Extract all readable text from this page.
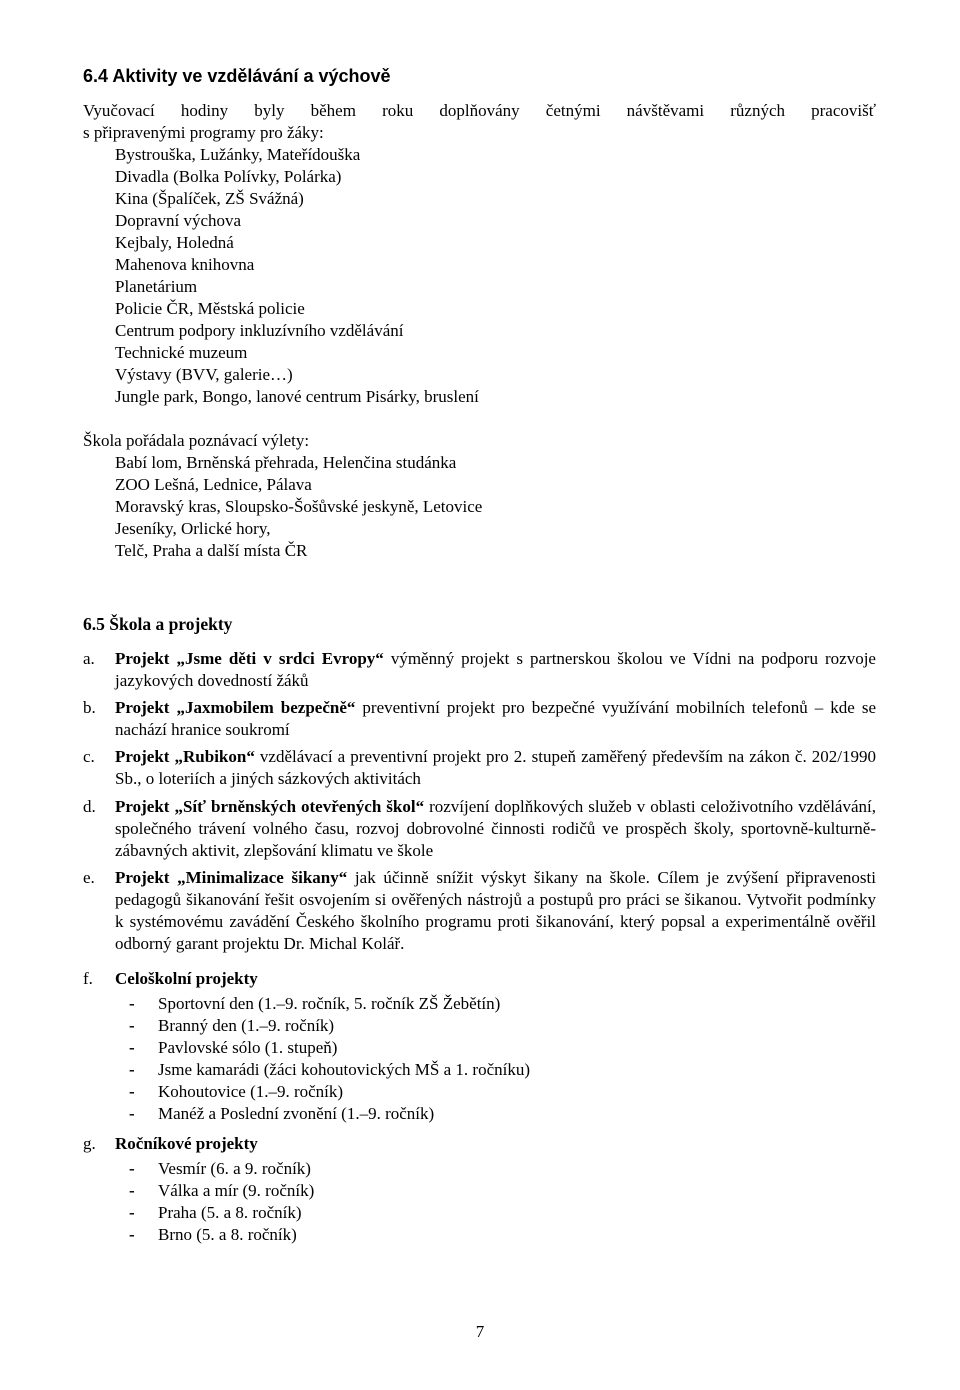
6.4 Aktivity ve vzdělávání a výchově
Vyučovací hodiny byly během roku doplňovány četnými návštěvami různých pracovišť
s připravenými programy pro žáky:
Bystrouška, Lužánky, Mateřídouška
Divadla (Bolka Polívky, Polárka)
Kina (Špalíček, ZŠ Svážná)
Dopravní výchova
Kejbaly, Holedná
Mahenova knihovna
Planetárium
Policie ČR, Městská policie
Centrum podpory inkluzívního vzdělávání
Technické muzeum
Výstavy (BVV, galerie…)
Jungle park, Bongo, lanové centrum Pisárky, bruslení
Škola pořádala poznávací výlety:
Babí lom, Brněnská přehrada, Helenčina studánka
ZOO Lešná, Lednice, Pálava
Moravský kras, Sloupsko-Šošůvské jeskyně, Letovice
Jeseníky, Orlické hory,
Telč, Praha a další místa ČR
6.5 Škola a projekty
a. Projekt „Jsme děti v srdci Evropy“ výměnný projekt s partnerskou školou ve Vídni na podporu rozvoje jazykových dovedností žáků
b. Projekt „Jaxmobilem bezpečně“ preventivní projekt pro bezpečné využívání mobilních telefonů – kde se nachází hranice soukromí
c. Projekt „Rubikon“ vzdělávací a preventivní projekt pro 2. stupeň zaměřený především na zákon č. 202/1990 Sb., o loteriích a jiných sázkových aktivitách
d. Projekt „Síť brněnských otevřených škol“ rozvíjení doplňkových služeb v oblasti celoživotního vzdělávání, společného trávení volného času, rozvoj dobrovolné činnosti rodičů ve prospěch školy, sportovně-kulturně-zábavných aktivit, zlepšování klimatu ve škole
e. Projekt „Minimalizace šikany“ jak účinně snížit výskyt šikany na škole. Cílem je zvýšení připravenosti pedagogů šikanování řešit osvojením si ověřených nástrojů a postupů pro práci se šikanou. Vytvořit podmínky k systémovému zavádění Českého školního programu proti šikanování, který popsal a experimentálně ověřil odborný garant projektu Dr. Michal Kolář.
f. Celoškolní projekty
- Sportovní den (1.–9. ročník, 5. ročník ZŠ Žebětín)
- Branný den (1.–9. ročník)
- Pavlovské sólo (1. stupeň)
- Jsme kamarádi (žáci kohoutovických MŠ a 1. ročníku)
- Kohoutovice (1.–9. ročník)
- Manéž a Poslední zvonění (1.–9. ročník)
g. Ročníkové projekty
- Vesmír (6. a 9. ročník)
- Válka a mír (9. ročník)
- Praha (5. a 8. ročník)
- Brno (5. a 8. ročník)
7
